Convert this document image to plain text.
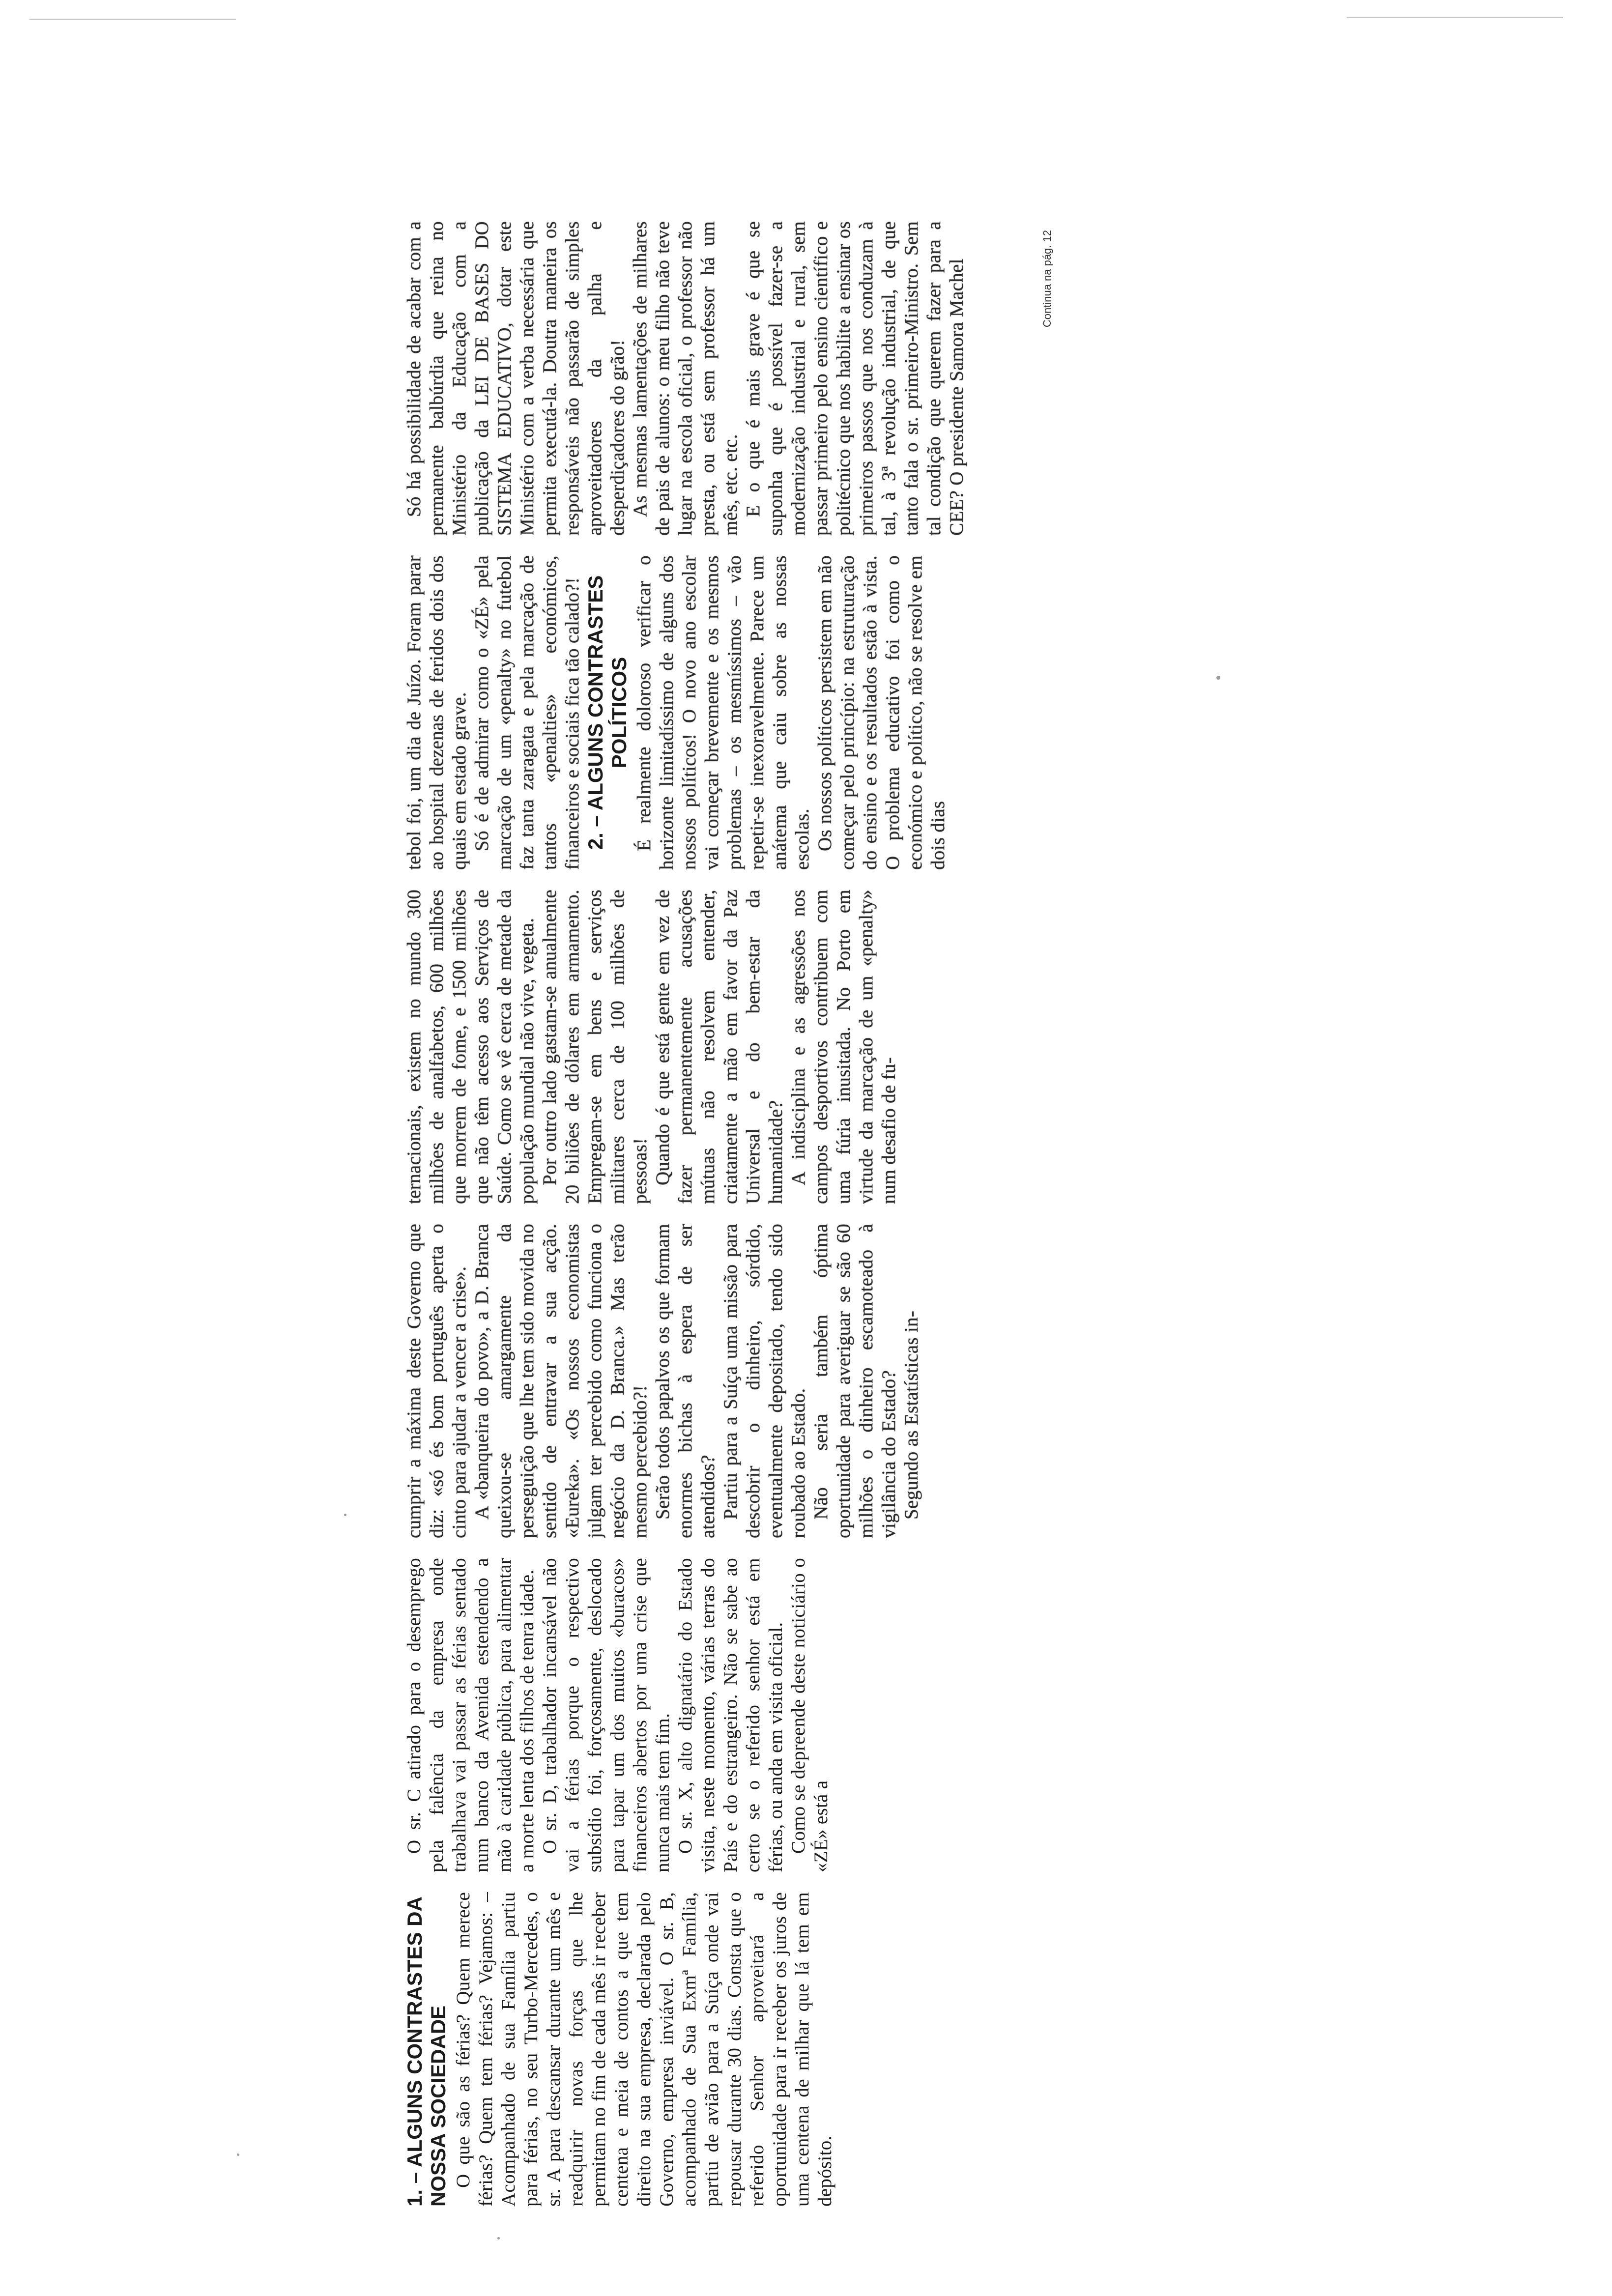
1. – ALGUNS CONTRASTES DA NOSSA SOCIEDADE O que são as férias? Quem merece férias? Quem tem férias? Vejamos: – Acompanhado de sua Família partiu para férias, no seu Turbo-Mercedes, o sr. A para descansar durante um mês e readquirir novas forças que lhe permitam no fim de cada mês ir receber centena e meia de contos a que tem direito na sua empresa, declarada pelo Governo, empresa inviável. O sr. B, acompanhado de Sua Exmª Família, partiu de avião para a Suíça onde vai repousar durante 30 dias. Consta que o referido Senhor aproveitará a oportunidade para ir receber os juros de uma centena de milhar que lá tem em depósito.

O sr. C atirado para o desemprego pela falência da empresa onde trabalhava vai passar as férias sentado num banco da Avenida estendendo a mão à caridade pública, para alimentar a morte lenta dos filhos de tenra idade. O sr. D, trabalhador incansável não vai a férias porque o respectivo subsídio foi, forçosamente, deslocado para tapar um dos muitos «buracos» financeiros abertos por uma crise que nunca mais tem fim. O sr. X, alto dignatário do Estado visita, neste momento, várias terras do País e do estrangeiro. Não se sabe ao certo se o referido senhor está em férias, ou anda em visita oficial. Como se depreende deste noticiário o «ZÉ» está a

cumprir a máxima deste Governo que diz: «só és bom português aperta o cinto para ajudar a vencer a crise». A «banqueira do povo», a D. Branca queixou-se amargamente da perseguição que lhe tem sido movida no sentido de entravar a sua acção. «Eureka». «Os nossos economistas julgam ter percebido como funciona o negócio da D. Branca.» Mas terão mesmo percebido?! Serão todos papalvos os que formam enormes bichas à espera de ser atendidos? Partiu para a Suíça uma missão para descobrir o dinheiro, sórdido, eventualmente depositado, tendo sido roubado ao Estado. Não seria também óptima oportunidade para averiguar se são 60 milhões o dinheiro escamoteado à vigilância do Estado? Segundo as Estatísticas in-

ternacionais, existem no mundo 300 milhões de analfabetos, 600 milhões que morrem de fome, e 1500 milhões que não têm acesso aos Serviços de Saúde. Como se vê cerca de metade da população mundial não vive, vegeta. Por outro lado gastam-se anualmente 20 biliões de dólares em armamento. Empregam-se em bens e serviços militares cerca de 100 milhões de pessoas! Quando é que está gente em vez de fazer permanentemente acusações mútuas não resolvem entender, criatamente a mão em favor da Paz Universal e do bem-estar da humanidade? A indisciplina e as agressões nos campos desportivos contribuem com uma fúria inusitada. No Porto em virtude da marcação de um «penalty» num desafio de fu-

tebol foi, um dia de Juízo. Foram parar ao hospital dezenas de feridos dois dos quais em estado grave. Só é de admirar como o «ZÉ» pela marcação de um «penalty» no futebol faz tanta zaragata e pela marcação de tantos «penalties» económicos, financeiros e sociais fica tão calado?! 2. – ALGUNS CONTRASTES POLÍTICOS É realmente doloroso verificar o horizonte limitadíssimo de alguns dos nossos políticos! O novo ano escolar vai começar brevemente e os mesmos problemas – os mesmíssimos – vão repetir-se inexoravelmente. Parece um anátema que caiu sobre as nossas escolas. Os nossos políticos persistem em não começar pelo princípio: na estruturação do ensino e os resultados estão à vista. O problema educativo foi como o económico e político, não se resolve em dois dias

Só há possibilidade de acabar com a permanente balbúrdia que reina no Ministério da Educação com a publicação da LEI DE BASES DO SISTEMA EDUCATIVO, dotar este Ministério com a verba necessária que permita executá-la. Doutra maneira os responsáveis não passarão de simples aproveitadores da palha e desperdiçadores do grão! As mesmas lamentações de milhares de pais de alunos: o meu filho não teve lugar na escola oficial, o professor não presta, ou está sem professor há um mês, etc. etc. E o que é mais grave é que se suponha que é possível fazer-se a modernização industrial e rural, sem passar primeiro pelo ensino científico e politécnico que nos habilite a ensinar os primeiros passos que nos conduzam à tal, à 3ª revolução industrial, de que tanto fala o sr. primeiro-Ministro. Sem tal condição que querem fazer para a CEE? O presidente Samora Machel	Continua na pág. 12
